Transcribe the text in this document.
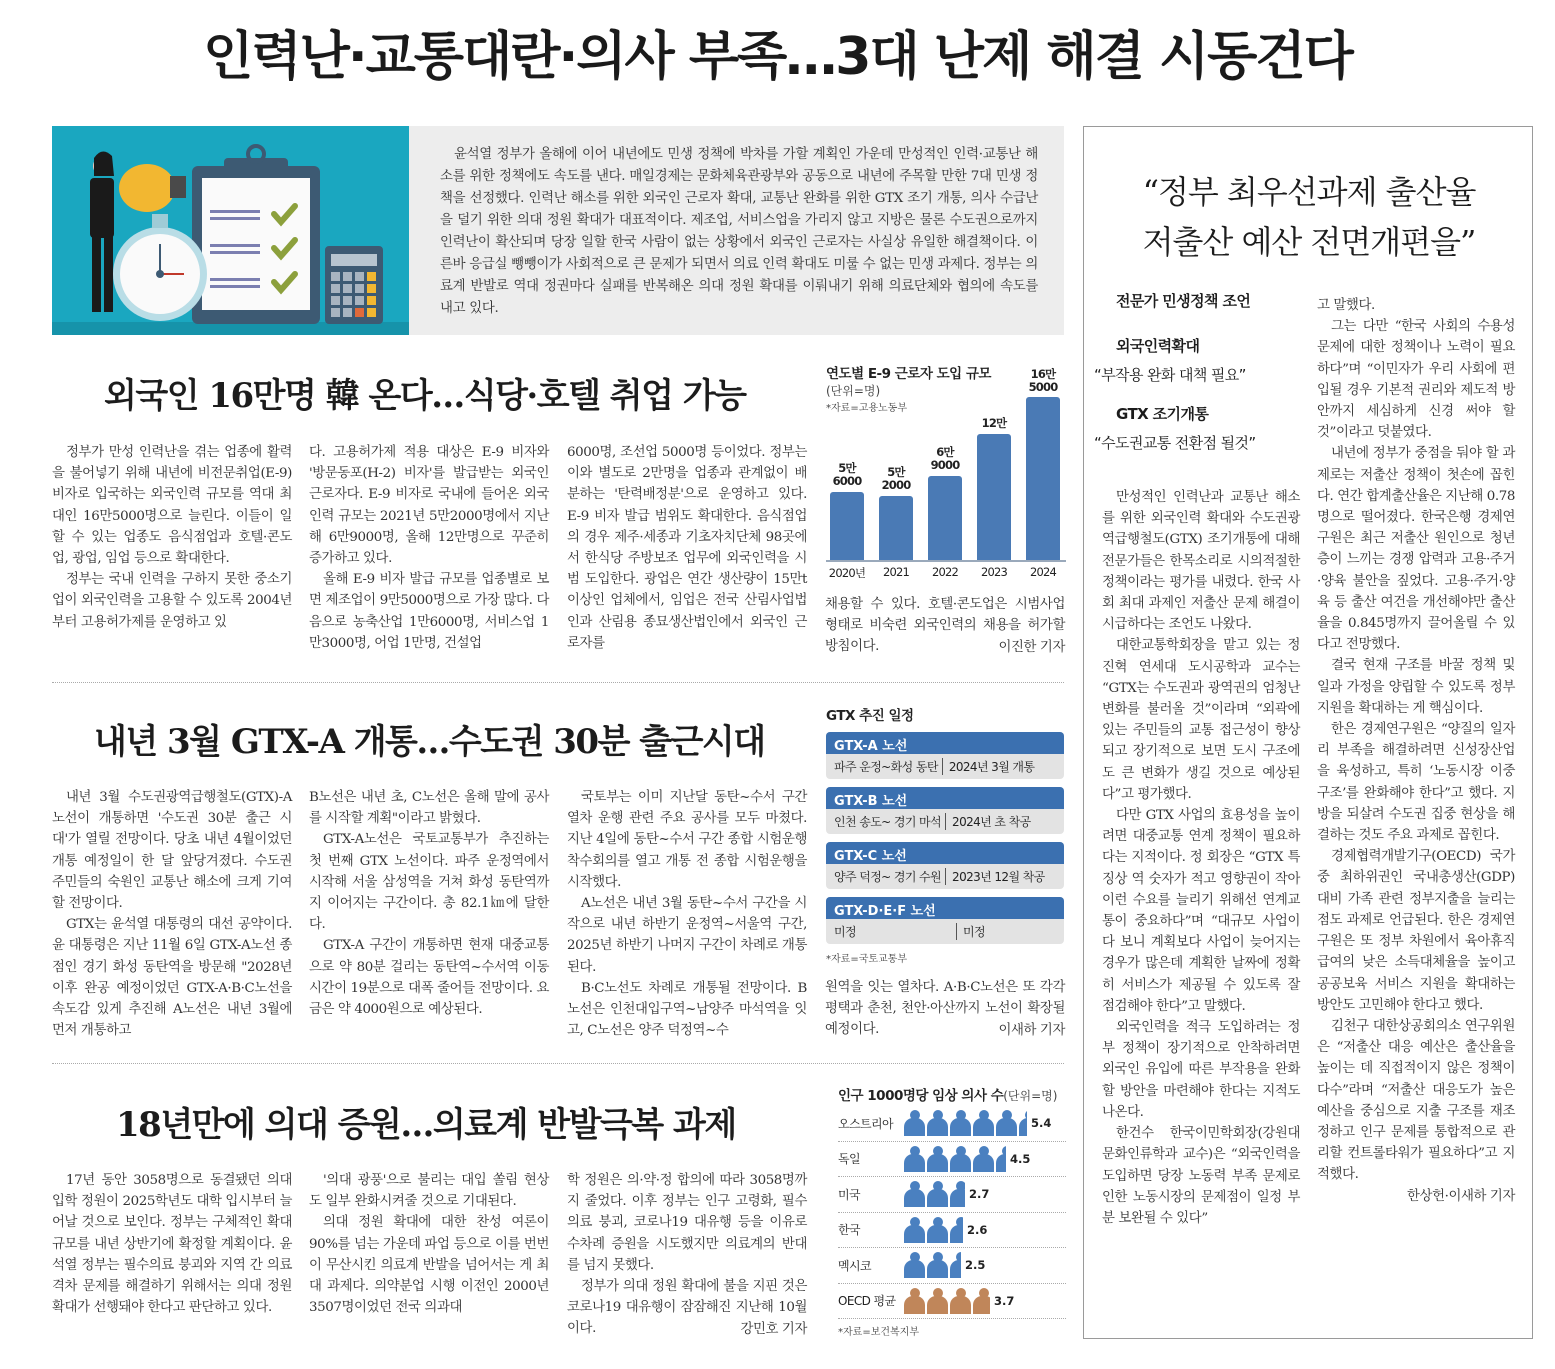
인력난·교통대란·의사 부족…3대 난제 해결 시동건다

윤석열 정부가 올해에 이어 내년에도 민생 정책에 박차를 가할 계획인 가운데 만성적인 인력·교통난 해소를 위한 정책에도 속도를 낸다. 매일경제는 문화체육관광부와 공동으로 내년에 주목할 만한 7대 민생 정책을 선정했다. 인력난 해소를 위한 외국인 근로자 확대, 교통난 완화를 위한 GTX 조기 개통, 의사 수급난을 덜기 위한 의대 정원 확대가 대표적이다. 제조업, 서비스업을 가리지 않고 지방은 물론 수도권으로까지 인력난이 확산되며 당장 일할 한국 사람이 없는 상황에서 외국인 근로자는 사실상 유일한 해결책이다. 이른바 응급실 뺑뺑이가 사회적으로 큰 문제가 되면서 의료 인력 확대도 미룰 수 없는 민생 과제다. 정부는 의료계 반발로 역대 정권마다 실패를 반복해온 의대 정원 확대를 이뤄내기 위해 의료단체와 협의에 속도를 내고 있다.

외국인 16만명 韓 온다…식당·호텔 취업 가능

정부가 만성 인력난을 겪는 업종에 활력을 불어넣기 위해 내년에 비전문취업(E-9) 비자로 입국하는 외국인력 규모를 역대 최대인 16만5000명으로 늘린다. 이들이 일할 수 있는 업종도 음식점업과 호텔·콘도업, 광업, 임업 등으로 확대한다.

정부는 국내 인력을 구하지 못한 중소기업이 외국인력을 고용할 수 있도록 2004년부터 고용허가제를 운영하고 있

다. 고용허가제 적용 대상은 E-9 비자와 '방문동포(H-2) 비자'를 발급받는 외국인 근로자다. E-9 비자로 국내에 들어온 외국인력 규모는 2021년 5만2000명에서 지난해 6만9000명, 올해 12만명으로 꾸준히 증가하고 있다.

올해 E-9 비자 발급 규모를 업종별로 보면 제조업이 9만5000명으로 가장 많다. 다음으로 농축산업 1만6000명, 서비스업 1만3000명, 어업 1만명, 건설업

6000명, 조선업 5000명 등이었다. 정부는 이와 별도로 2만명을 업종과 관계없이 배분하는 '탄력배정분'으로 운영하고 있다. E-9 비자 발급 범위도 확대한다. 음식점업의 경우 제주·세종과 기초자치단체 98곳에서 한식당 주방보조 업무에 외국인력을 시범 도입한다. 광업은 연간 생산량이 15만t 이상인 업체에서, 임업은 전국 산림사업법인과 산림용 종묘생산법인에서 외국인 근로자를

채용할 수 있다. 호텔·콘도업은 시범사업 형태로 비숙련 외국인력의 채용을 허가할 방침이다.	이진한 기자
연도별 E-9 근로자 도입 규모
(단위=명)
*자료=고용노동부
5만
6000
5만
2000
6만
9000
12만
16만
5000
2020년	2021	2022	2023	2024
내년 3월 GTX-A 개통…수도권 30분 출근시대

내년 3월 수도권광역급행철도(GTX)-A노선이 개통하면 '수도권 30분 출근 시대'가 열릴 전망이다. 당초 내년 4월이었던 개통 예정일이 한 달 앞당겨졌다. 수도권 주민들의 숙원인 교통난 해소에 크게 기여할 전망이다.

GTX는 윤석열 대통령의 대선 공약이다. 윤 대통령은 지난 11월 6일 GTX-A노선 종점인 경기 화성 동탄역을 방문해 "2028년 이후 완공 예정이었던 GTX-A·B·C노선을 속도감 있게 추진해 A노선은 내년 3월에 먼저 개통하고

B노선은 내년 초, C노선은 올해 말에 공사를 시작할 계획"이라고 밝혔다.

GTX-A노선은 국토교통부가 추진하는 첫 번째 GTX 노선이다. 파주 운정역에서 시작해 서울 삼성역을 거쳐 화성 동탄역까지 이어지는 구간이다. 총 82.1㎞에 달한다.

GTX-A 구간이 개통하면 현재 대중교통으로 약 80분 걸리는 동탄역~수서역 이동시간이 19분으로 대폭 줄어들 전망이다. 요금은 약 4000원으로 예상된다.

국토부는 이미 지난달 동탄~수서 구간 열차 운행 관련 주요 공사를 모두 마쳤다. 지난 4일에 동탄~수서 구간 종합 시험운행착수회의를 열고 개통 전 종합 시험운행을 시작했다.

A노선은 내년 3월 동탄~수서 구간을 시작으로 내년 하반기 운정역~서울역 구간, 2025년 하반기 나머지 구간이 차례로 개통된다.

B·C노선도 차례로 개통될 전망이다. B노선은 인천대입구역~남양주 마석역을 잇고, C노선은 양주 덕정역~수

원역을 잇는 열차다. A·B·C노선은 또 각각 평택과 춘천, 천안·아산까지 노선이 확장될 예정이다.	이새하 기자
GTX 추진 일정
GTX-A 노선
파주 운정~화성 동탄 2024년 3월 개통
GTX-B 노선
인천 송도~ 경기 마석 2024년 초 착공
GTX-C 노선
양주 덕정~ 경기 수원 2023년 12월 착공
GTX-D·E·F 노선
미정	미정
*자료=국토교통부
18년만에 의대 증원…의료계 반발극복 과제

17년 동안 3058명으로 동결됐던 의대 입학 정원이 2025학년도 대학 입시부터 늘어날 것으로 보인다. 정부는 구체적인 확대 규모를 내년 상반기에 확정할 계획이다. 윤석열 정부는 필수의료 붕괴와 지역 간 의료 격차 문제를 해결하기 위해서는 의대 정원 확대가 선행돼야 한다고 판단하고 있다.

'의대 광풍'으로 불리는 대입 쏠림 현상도 일부 완화시켜줄 것으로 기대된다.

의대 정원 확대에 대한 찬성 여론이 90%를 넘는 가운데 파업 등으로 이를 번번이 무산시킨 의료계 반발을 넘어서는 게 최대 과제다. 의약분업 시행 이전인 2000년 3507명이었던 전국 의과대

학 정원은 의·약·정 합의에 따라 3058명까지 줄었다. 이후 정부는 인구 고령화, 필수의료 붕괴, 코로나19 대유행 등을 이유로 수차례 증원을 시도했지만 의료계의 반대를 넘지 못했다.

정부가 의대 정원 확대에 불을 지핀 것은 코로나19 대유행이 잠잠해진 지난해 10월이다.	강민호 기자
인구 1000명당 임상 의사 수(단위=명)
오스트리아	5.4
독일	4.5
미국	2.7
한국	2.6
멕시코	2.5
OECD 평균	3.7
*자료=보건복지부
“정부 최우선과제 출산율
저출산 예산 전면개편을”
전문가 민생정책 조언
외국인력확대
“부작용 완화 대책 필요”
GTX 조기개통
“수도권교통 전환점 될것”

만성적인 인력난과 교통난 해소를 위한 외국인력 확대와 수도권광역급행철도(GTX) 조기개통에 대해 전문가들은 한목소리로 시의적절한 정책이라는 평가를 내렸다. 한국 사회 최대 과제인 저출산 문제 해결이 시급하다는 조언도 나왔다.

대한교통학회장을 맡고 있는 정진혁 연세대 도시공학과 교수는 “GTX는 수도권과 광역권의 엄청난 변화를 불러올 것”이라며 “외곽에 있는 주민들의 교통 접근성이 향상되고 장기적으로 보면 도시 구조에도 큰 변화가 생길 것으로 예상된다”고 평가했다.

다만 GTX 사업의 효용성을 높이려면 대중교통 연계 정책이 필요하다는 지적이다. 정 회장은 “GTX 특징상 역 숫자가 적고 영향권이 작아 이런 수요를 늘리기 위해선 연계교통이 중요하다”며 “대규모 사업이다 보니 계획보다 사업이 늦어지는 경우가 많은데 계획한 날짜에 정확히 서비스가 제공될 수 있도록 잘 점검해야 한다”고 말했다.

외국인력을 적극 도입하려는 정부 정책이 장기적으로 안착하려면 외국인 유입에 따른 부작용을 완화할 방안을 마련해야 한다는 지적도 나온다.

한건수 한국이민학회장(강원대 문화인류학과 교수)은 “외국인력을 도입하면 당장 노동력 부족 문제로 인한 노동시장의 문제점이 일정 부분 보완될 수 있다”

고 말했다.

그는 다만 “한국 사회의 수용성 문제에 대한 정책이나 노력이 필요하다”며 “이민자가 우리 사회에 편입될 경우 기본적 권리와 제도적 방안까지 세심하게 신경 써야 할 것”이라고 덧붙였다.

내년에 정부가 중점을 둬야 할 과제로는 저출산 정책이 첫손에 꼽힌다. 연간 합계출산율은 지난해 0.78명으로 떨어졌다. 한국은행 경제연구원은 최근 저출산 원인으로 청년층이 느끼는 경쟁 압력과 고용·주거·양육 불안을 짚었다. 고용·주거·양육 등 출산 여건을 개선해야만 출산율을 0.845명까지 끌어올릴 수 있다고 전망했다.

결국 현재 구조를 바꿀 정책 및 일과 가정을 양립할 수 있도록 정부 지원을 확대하는 게 핵심이다.

한은 경제연구원은 “양질의 일자리 부족을 해결하려면 신성장산업을 육성하고, 특히 ‘노동시장 이중구조’를 완화해야 한다”고 했다. 지방을 되살려 수도권 집중 현상을 해결하는 것도 주요 과제로 꼽힌다.

경제협력개발기구(OECD) 국가 중 최하위권인 국내총생산(GDP) 대비 가족 관련 정부지출을 늘리는 점도 과제로 언급된다. 한은 경제연구원은 또 정부 차원에서 육아휴직급여의 낮은 소득대체율을 높이고 공공보육 서비스 지원을 확대하는 방안도 고민해야 한다고 했다.

김천구 대한상공회의소 연구위원은 “저출산 대응 예산은 출산율을 높이는 데 직접적이지 않은 정책이 다수”라며 “저출산 대응도가 높은 예산을 중심으로 지출 구조를 재조정하고 인구 문제를 통합적으로 관리할 컨트롤타워가 필요하다”고 지적했다.

한상헌·이새하 기자
